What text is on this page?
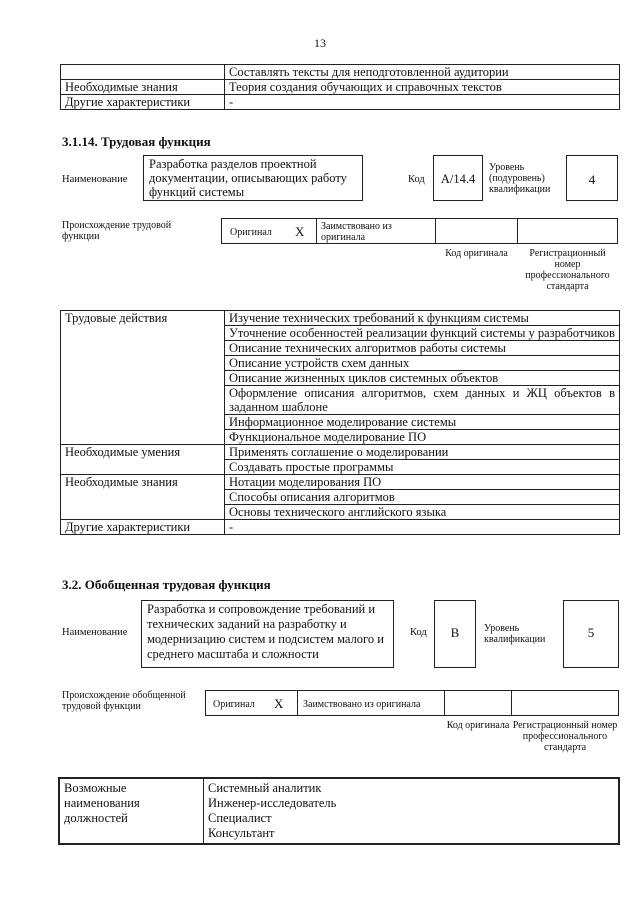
13
	Составлять тексты для неподготовленной аудитории
Необходимые знания	Теория создания обучающих и справочных текстов
Другие характеристики	-
3.1.14. Трудовая функция
Наименование
Разработка разделов проектной документации, описывающих работу функций системы
Код	A/14.4
Уровень (подуровень) квалификации
4
Происхождение трудовой функции	Оригинал X Заимствовано из оригинала
Код оригинала	Регистрационный номер профессионального стандарта
Трудовые действия	Изучение технических требований к функциям системы
	Уточнение особенностей реализации функций системы у разработчиков
	Описание технических алгоритмов работы системы
	Описание устройств схем данных
	Описание жизненных циклов системных объектов
	Оформление описания алгоритмов, схем данных и ЖЦ объектов в заданном шаблоне
	Информационное моделирование системы
	Функциональное моделирование ПО
Необходимые умения	Применять соглашение о моделировании
	Создавать простые программы
Необходимые знания	Нотации моделирования ПО
	Способы описания алгоритмов
	Основы технического английского языка
Другие характеристики	-
3.2. Обобщенная трудовая функция
Наименование
Разработка и сопровождение требований и технических заданий на разработку и модернизацию систем и подсистем малого и среднего масштаба и сложности
Код	B	Уровень квалификации	5
Происхождение обобщенной трудовой функции	Оригинал X Заимствовано из оригинала
Код оригинала Регистрационный номер профессионального стандарта
Возможные наименования должностей	
Системный аналитик
Инженер-исследователь
Специалист
Консультант
